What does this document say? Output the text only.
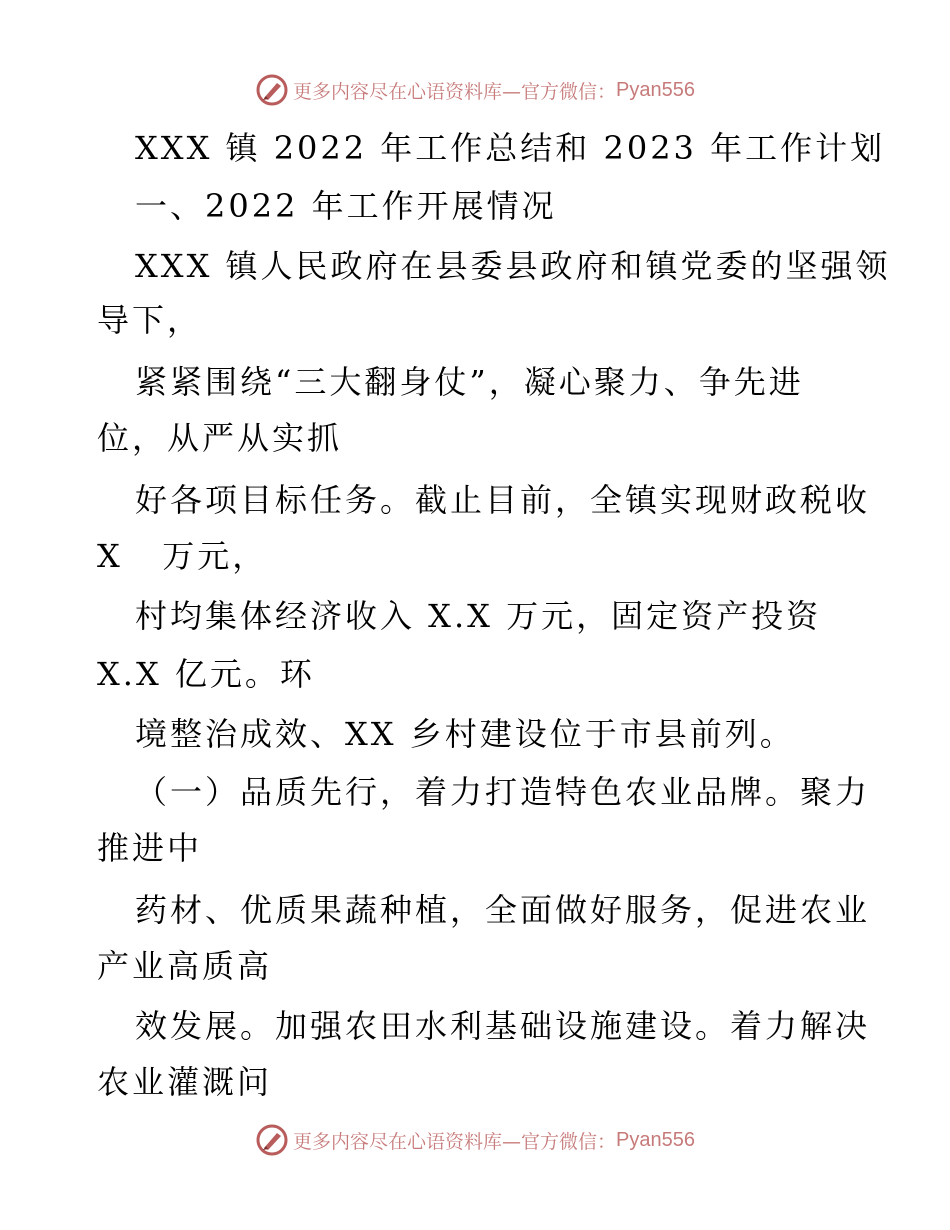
更多内容尽在心语资料库—官方微信： Pyan556
XXX 镇 2022 年工作总结和 2023 年工作计划
一、2022 年工作开展情况
XXX 镇人民政府在县委县政府和镇党委的坚强领
导下，
紧紧围绕“三大翻身仗”，凝心聚力、争先进
位，从严从实抓
好各项目标任务。截止目前，全镇实现财政税收
X   万元，
村均集体经济收入 X.X 万元，固定资产投资
X.X 亿元。环
境整治成效、XX 乡村建设位于市县前列。
（一）品质先行，着力打造特色农业品牌。聚力
推进中
药材、优质果蔬种植，全面做好服务，促进农业
产业高质高
效发展。加强农田水利基础设施建设。着力解决
农业灌溉问
更多内容尽在心语资料库—官方微信： Pyan556
